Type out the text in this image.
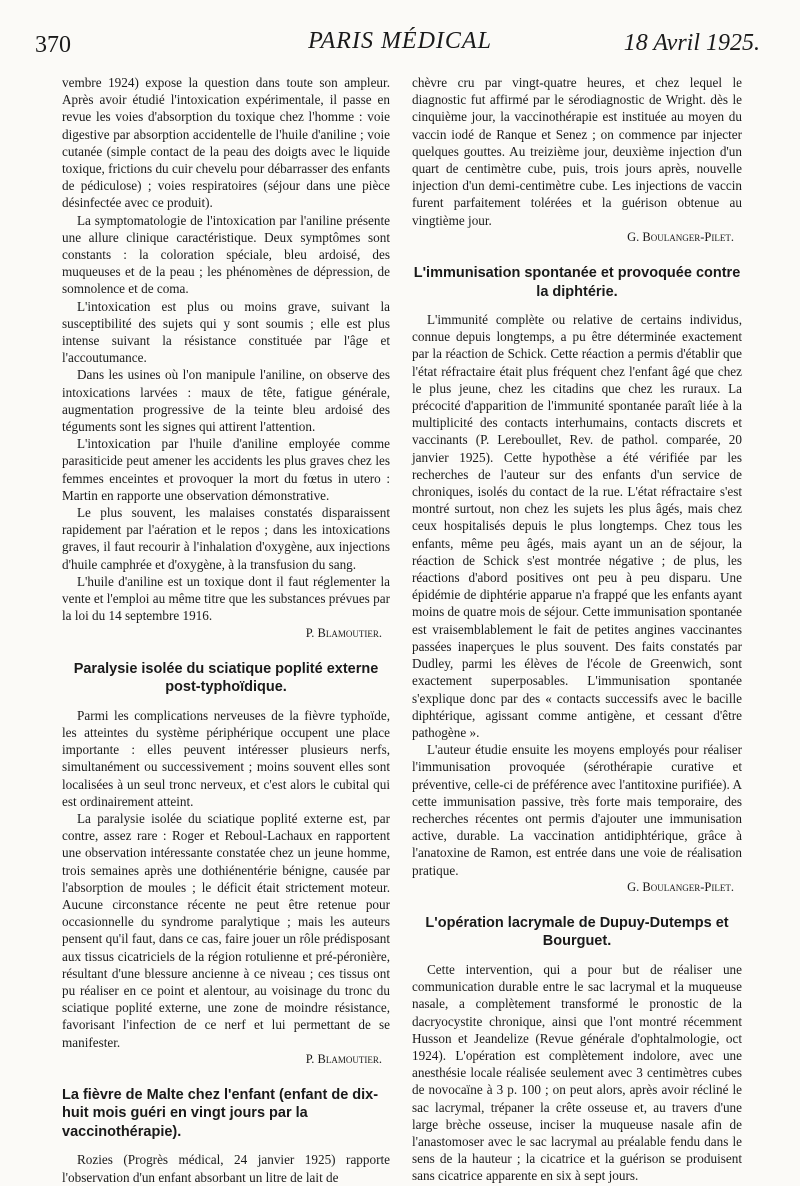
370	PARIS MÉDICAL	18 Avril 1925.

vembre 1924) expose la question dans toute son ampleur. Après avoir étudié l'intoxication expérimentale, il passe en revue les voies d'absorption du toxique chez l'homme : voie digestive par absorption accidentelle de l'huile d'aniline ; voie cutanée (simple contact de la peau des doigts avec le liquide toxique, frictions du cuir chevelu pour débarrasser des enfants de pédiculose) ; voies respiratoires (séjour dans une pièce désinfectée avec ce produit).

La symptomatologie de l'intoxication par l'aniline présente une allure clinique caractéristique. Deux symptômes sont constants : la coloration spéciale, bleu ardoisé, des muqueuses et de la peau ; les phénomènes de dépression, de somnolence et de coma.

L'intoxication est plus ou moins grave, suivant la susceptibilité des sujets qui y sont soumis ; elle est plus intense suivant la résistance constituée par l'âge et l'accoutumance.

Dans les usines où l'on manipule l'aniline, on observe des intoxications larvées : maux de tête, fatigue générale, augmentation progressive de la teinte bleu ardoisé des téguments sont les signes qui attirent l'attention.

L'intoxication par l'huile d'aniline employée comme parasiticide peut amener les accidents les plus graves chez les femmes enceintes et provoquer la mort du fœtus in utero : Martin en rapporte une observation démonstrative.

Le plus souvent, les malaises constatés disparaissent rapidement par l'aération et le repos ; dans les intoxications graves, il faut recourir à l'inhalation d'oxygène, aux injections d'huile camphrée et d'oxygène, à la transfusion du sang.

L'huile d'aniline est un toxique dont il faut réglementer la vente et l'emploi au même titre que les substances prévues par la loi du 14 septembre 1916.

P. Blamoutier.

Paralysie isolée du sciatique poplité externe post-typhoïdique.

Parmi les complications nerveuses de la fièvre typhoïde, les atteintes du système périphérique occupent une place importante : elles peuvent intéresser plusieurs nerfs, simultanément ou successivement ; moins souvent elles sont localisées à un seul tronc nerveux, et c'est alors le cubital qui est ordinairement atteint.

La paralysie isolée du sciatique poplité externe est, par contre, assez rare : Roger et Reboul-Lachaux en rapportent une observation intéressante constatée chez un jeune homme, trois semaines après une dothiénentérie bénigne, causée par l'absorption de moules ; le déficit était strictement moteur. Aucune circonstance récente ne peut être retenue pour occasionnelle du syndrome paralytique ; mais les auteurs pensent qu'il faut, dans ce cas, faire jouer un rôle prédisposant aux tissus cicatriciels de la région rotulienne et pré-péronière, résultant d'une blessure ancienne à ce niveau ; ces tissus ont pu réaliser en ce point et alentour, au voisinage du tronc du sciatique poplité externe, une zone de moindre résistance, favorisant l'infection de ce nerf et lui permettant de se manifester.

P. Blamoutier.

La fièvre de Malte chez l'enfant (enfant de dix-huit mois guéri en vingt jours par la vaccinothérapie).

Rozies (Progrès médical, 24 janvier 1925) rapporte l'observation d'un enfant absorbant un litre de lait de

chèvre cru par vingt-quatre heures, et chez lequel le diagnostic fut affirmé par le sérodiagnostic de Wright. dès le cinquième jour, la vaccinothérapie est instituée au moyen du vaccin iodé de Ranque et Senez ; on commence par injecter quelques gouttes. Au treizième jour, deuxième injection d'un quart de centimètre cube, puis, trois jours après, nouvelle injection d'un demi-centimètre cube. Les injections de vaccin furent parfaitement tolérées et la guérison obtenue au vingtième jour.

G. Boulanger-Pilet.

L'immunisation spontanée et provoquée contre la diphtérie.

L'immunité complète ou relative de certains individus, connue depuis longtemps, a pu être déterminée exactement par la réaction de Schick. Cette réaction a permis d'établir que l'état réfractaire était plus fréquent chez l'enfant âgé que chez le plus jeune, chez les citadins que chez les ruraux. La précocité d'apparition de l'immunité spontanée paraît liée à la multiplicité des contacts interhumains, contacts discrets et vaccinants (P. Lereboullet, Rev. de pathol. comparée, 20 janvier 1925). Cette hypothèse a été vérifiée par les recherches de l'auteur sur des enfants d'un service de chroniques, isolés du contact de la rue. L'état réfractaire s'est montré surtout, non chez les sujets les plus âgés, mais chez ceux hospitalisés depuis le plus longtemps. Chez tous les enfants, même peu âgés, mais ayant un an de séjour, la réaction de Schick s'est montrée négative ; de plus, les réactions d'abord positives ont peu à peu disparu. Une épidémie de diphtérie apparue n'a frappé que les enfants ayant moins de quatre mois de séjour. Cette immunisation spontanée est vraisemblablement le fait de petites angines vaccinantes passées inaperçues le plus souvent. Des faits constatés par Dudley, parmi les élèves de l'école de Greenwich, sont exactement superposables. L'immunisation spontanée s'explique donc par des « contacts successifs avec le bacille diphtérique, agissant comme antigène, et cessant d'être pathogène ».

L'auteur étudie ensuite les moyens employés pour réaliser l'immunisation provoquée (sérothérapie curative et préventive, celle-ci de préférence avec l'antitoxine purifiée). A cette immunisation passive, très forte mais temporaire, des recherches récentes ont permis d'ajouter une immunisation active, durable. La vaccination antidiphtérique, grâce à l'anatoxine de Ramon, est entrée dans une voie de réalisation pratique.

G. Boulanger-Pilet.

L'opération lacrymale de Dupuy-Dutemps et Bourguet.

Cette intervention, qui a pour but de réaliser une communication durable entre le sac lacrymal et la muqueuse nasale, a complètement transformé le pronostic de la dacryocystite chronique, ainsi que l'ont montré récemment Husson et Jeandelize (Revue générale d'ophtalmologie, oct 1924). L'opération est complètement indolore, avec une anesthésie locale réalisée seulement avec 3 centimètres cubes de novocaïne à 3 p. 100 ; on peut alors, après avoir récliné le sac lacrymal, trépaner la crête osseuse et, au travers d'une large brèche osseuse, inciser la muqueuse nasale afin de l'anastomoser avec le sac lacrymal au préalable fendu dans le sens de la hauteur ; la cicatrice et la guérison se produisent sans cicatrice apparente en six à sept jours.
